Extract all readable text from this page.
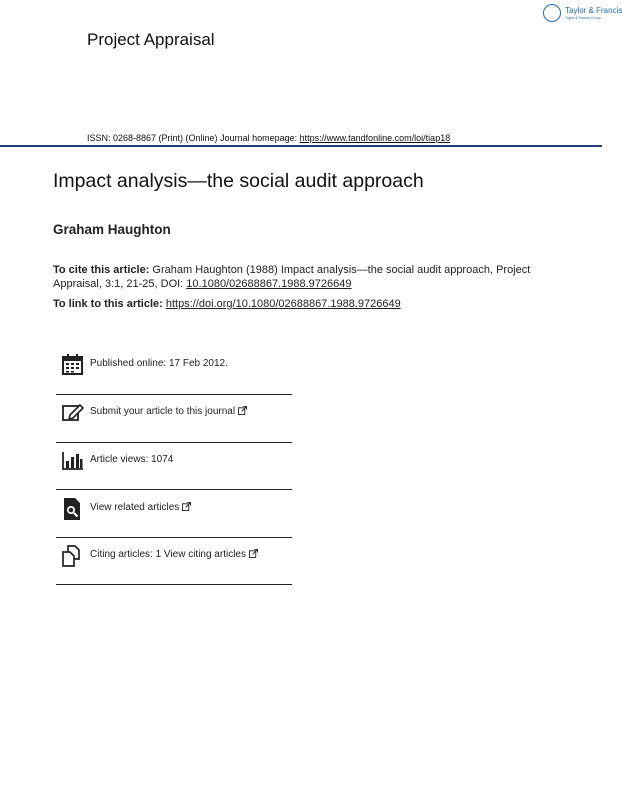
Taylor & Francis
Taylor & Francis Group
Project Appraisal
ISSN: 0268-8867 (Print) (Online) Journal homepage: https://www.tandfonline.com/loi/tiap18
Impact analysis—the social audit approach
Graham Haughton
To cite this article: Graham Haughton (1988) Impact analysis—the social audit approach, Project Appraisal, 3:1, 21-25, DOI: 10.1080/02688867.1988.9726649
To link to this article: https://doi.org/10.1080/02688867.1988.9726649
Published online: 17 Feb 2012.
Submit your article to this journal
Article views: 1074
View related articles
Citing articles: 1 View citing articles
